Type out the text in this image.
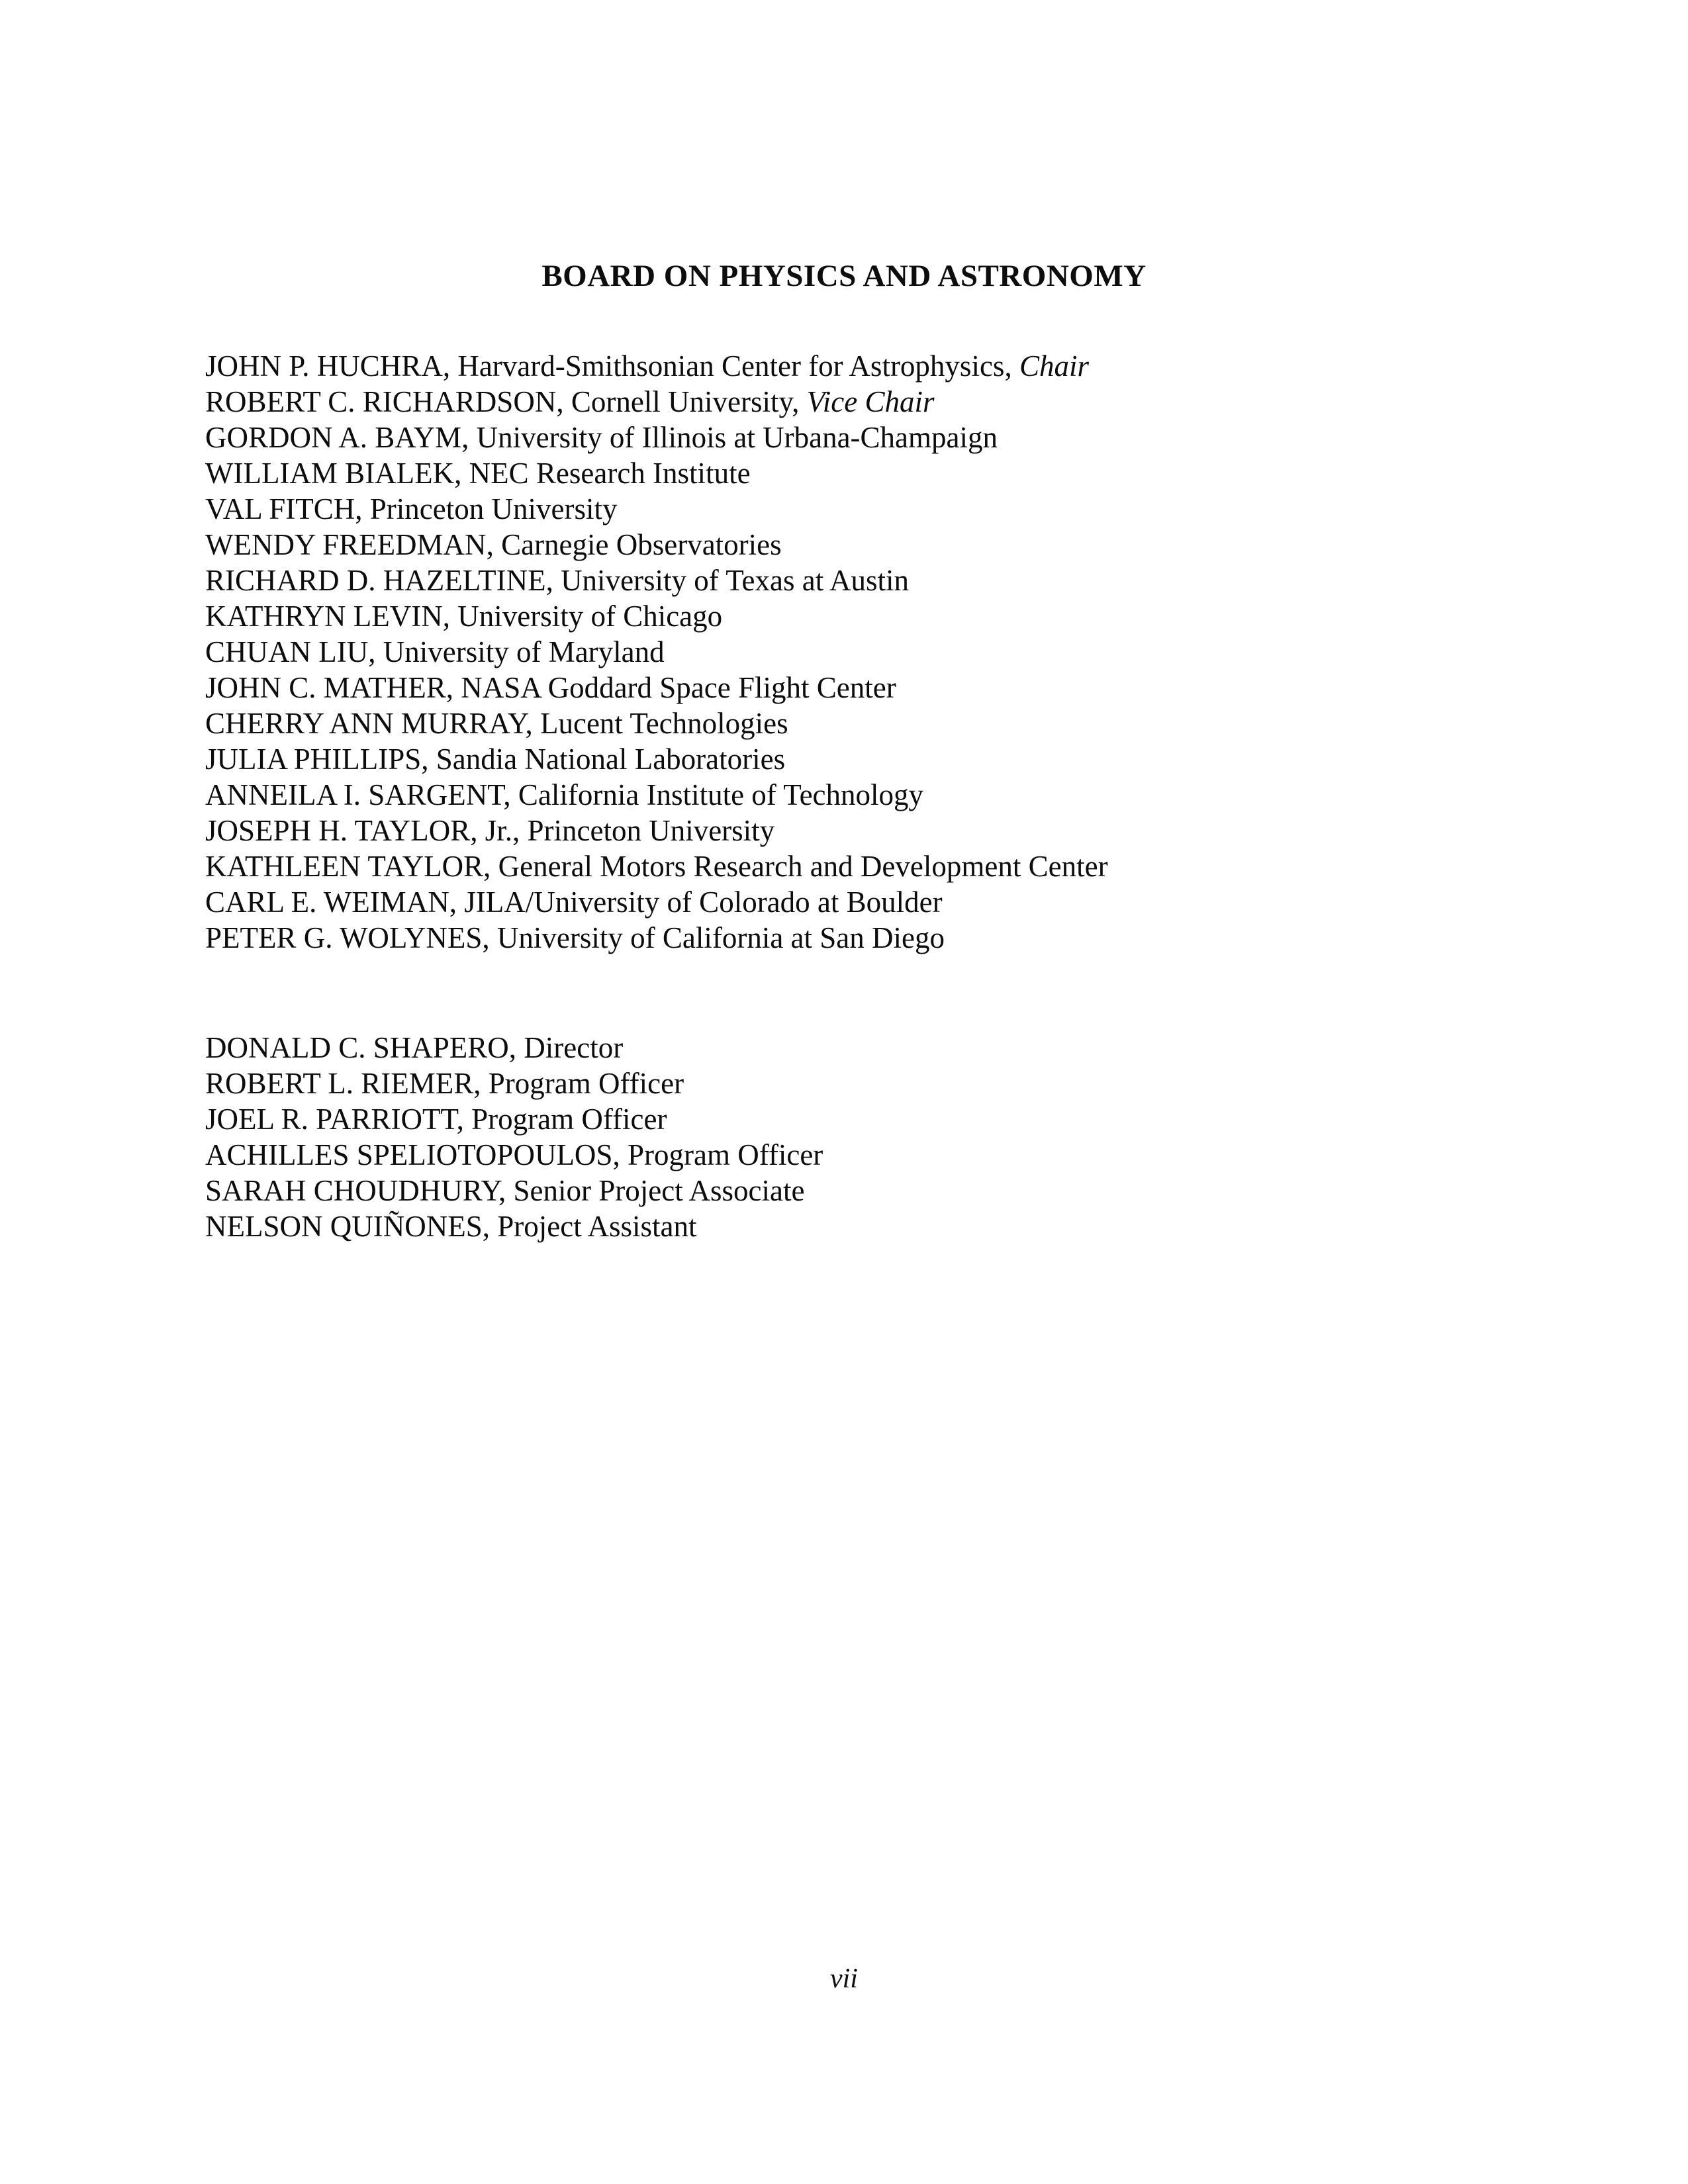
BOARD ON PHYSICS AND ASTRONOMY
JOHN P. HUCHRA, Harvard-Smithsonian Center for Astrophysics, Chair
ROBERT C. RICHARDSON, Cornell University, Vice Chair
GORDON A. BAYM, University of Illinois at Urbana-Champaign
WILLIAM BIALEK, NEC Research Institute
VAL FITCH, Princeton University
WENDY FREEDMAN, Carnegie Observatories
RICHARD D. HAZELTINE, University of Texas at Austin
KATHRYN LEVIN, University of Chicago
CHUAN LIU, University of Maryland
JOHN C. MATHER, NASA Goddard Space Flight Center
CHERRY ANN MURRAY, Lucent Technologies
JULIA PHILLIPS, Sandia National Laboratories
ANNEILA I. SARGENT, California Institute of Technology
JOSEPH H. TAYLOR, Jr., Princeton University
KATHLEEN TAYLOR, General Motors Research and Development Center
CARL E. WEIMAN, JILA/University of Colorado at Boulder
PETER G. WOLYNES, University of California at San Diego
DONALD C. SHAPERO, Director
ROBERT L. RIEMER, Program Officer
JOEL R. PARRIOTT, Program Officer
ACHILLES SPELIOTOPOULOS, Program Officer
SARAH CHOUDHURY, Senior Project Associate
NELSON QUIÑONES, Project Assistant
vii
